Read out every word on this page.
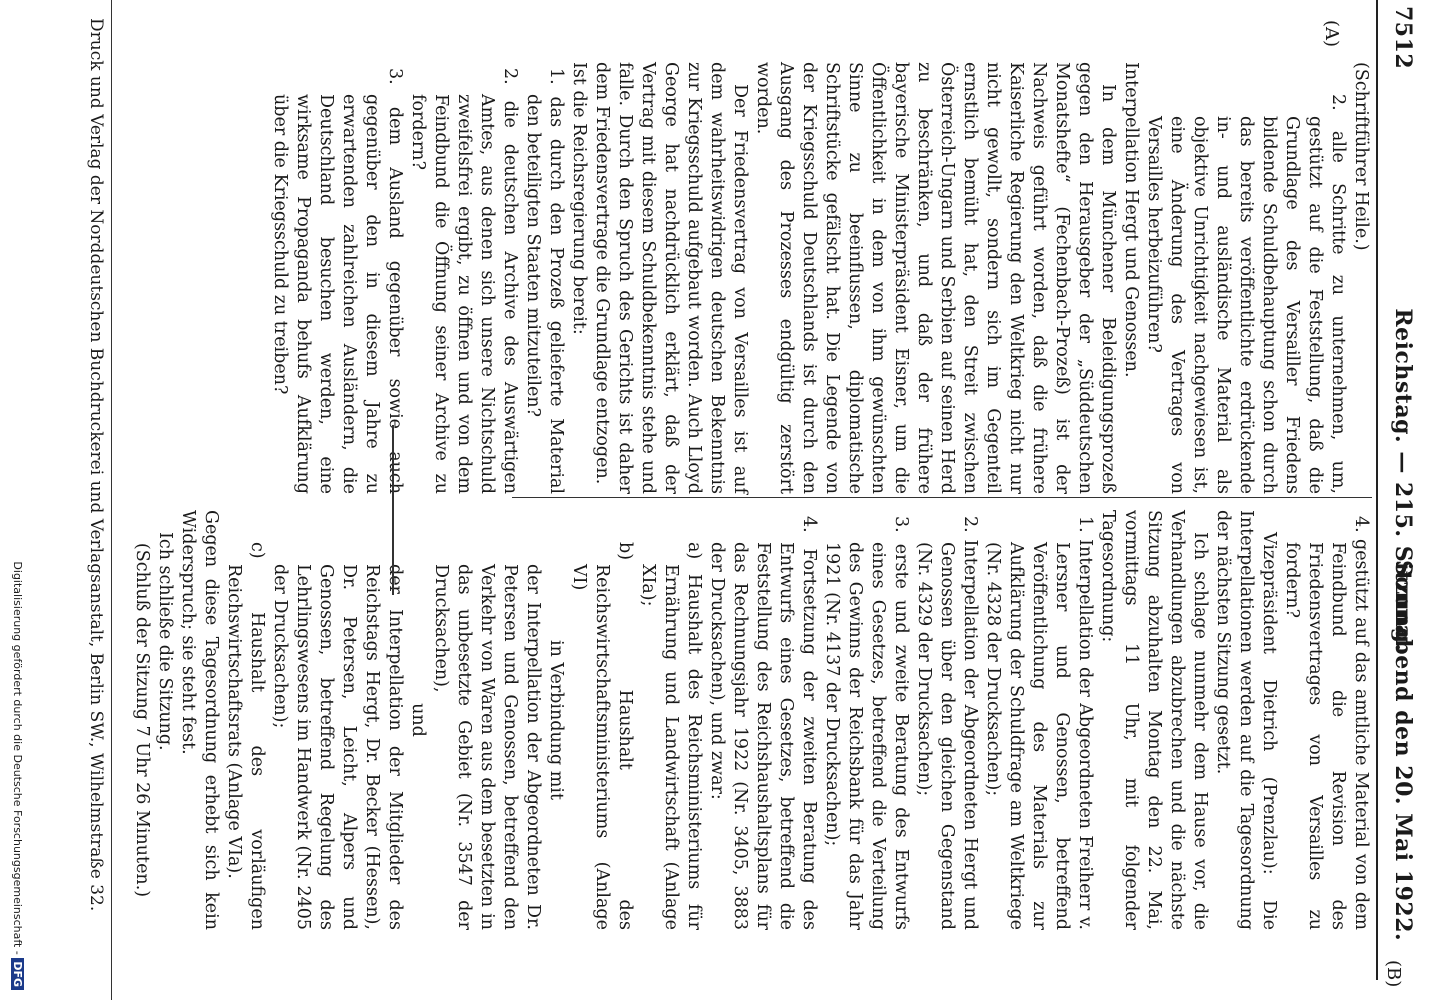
7512
Reichstag. — 215. Sitzung.
Sonnabend den 20. Mai 1922.
(A)
(B)

(Schriftführer Heile.)

2. alle Schritte zu unternehmen, um, gestützt auf die Feststellung, daß die Grundlage des Versailler Friedens bildende Schuldbehauptung schon durch das bereits veröffentlichte erdrückende in- und ausländische Material als objektive Unrichtigkeit nachgewiesen ist, eine Änderung des Vertrages von Versailles herbeizuführen?

Interpellation Hergt und Genossen.

In dem Münchener Beleidigungsprozeß gegen den Herausgeber der „Süddeutschen Monatshefte“ (Fechenbach-Prozeß) ist der Nachweis geführt worden, daß die frühere Kaiserliche Regierung den Weltkrieg nicht nur nicht gewollt, sondern sich im Gegenteil ernstlich bemüht hat, den Streit zwischen Österreich-Ungarn und Serbien auf seinen Herd zu beschränken, und daß der frühere bayerische Ministerpräsident Eisner, um die Öffentlichkeit in dem von ihm gewünschten Sinne zu beeinflussen, diplomatische Schriftstücke gefälscht hat. Die Legende von der Kriegsschuld Deutschlands ist durch den Ausgang des Prozesses endgültig zerstört worden.

Der Friedensvertrag von Versailles ist auf dem wahrheitswidrigen deutschen Bekenntnis zur Kriegsschuld aufgebaut worden. Auch Lloyd George hat nachdrücklich erklärt, daß der Vertrag mit diesem Schuldbekenntnis stehe und falle. Durch den Spruch des Gerichts ist daher dem Friedensvertrage die Grundlage entzogen.

Ist die Reichsregierung bereit:

1. das durch den Prozeß gelieferte Material den beteiligten Staaten mitzuteilen?

2. die deutschen Archive des Auswärtigen Amtes, aus denen sich unsere Nichtschuld zweifelsfrei ergibt, zu öffnen und von dem Feindbund die Öffnung seiner Archive zu fordern?

3. dem Ausland gegenüber sowie auch gegenüber den in diesem Jahre zu erwartenden zahlreichen Ausländern, die Deutschland besuchen werden, eine wirksame Propaganda behufs Aufklärung über die Kriegsschuld zu treiben?

4. gestützt auf das amtliche Material von dem Feindbund die Revision des Friedensvertrages von Versailles zu fordern?

Vizepräsident Dietrich (Prenzlau): Die Interpellationen werden auf die Tagesordnung der nächsten Sitzung gesetzt.

Ich schlage nunmehr dem Hause vor, die Verhandlungen abzubrechen und die nächste Sitzung abzuhalten Montag den 22. Mai, vormittags 11 Uhr, mit folgender Tagesordnung:

1. Interpellation der Abgeordneten Freiherr v. Lersner und Genossen, betreffend Veröffentlichung des Materials zur Aufklärung der Schuldfrage am Weltkriege (Nr. 4328 der Drucksachen);

2. Interpellation der Abgeordneten Hergt und Genossen über den gleichen Gegenstand (Nr. 4329 der Drucksachen);

3. erste und zweite Beratung des Entwurfs eines Gesetzes, betreffend die Verteilung des Gewinns der Reichsbank für das Jahr 1921 (Nr. 4137 der Drucksachen);

4. Fortsetzung der zweiten Beratung des Entwurfs eines Gesetzes, betreffend die Feststellung des Reichshaushaltsplans für das Rechnungsjahr 1922 (Nr. 3405, 3883 der Drucksachen), und zwar:

a) Haushalt des Reichsministeriums für Ernährung und Landwirtschaft (Anlage XIa);

b) Haushalt des Reichswirtschaftsministeriums (Anlage VI)

in Verbindung mit

der Interpellation der Abgeordneten Dr. Petersen und Genossen, betreffend den Verkehr von Waren aus dem besetzten in das unbesetzte Gebiet (Nr. 3547 der Drucksachen),

und

der Interpellation der Mitglieder des Reichstags Hergt, Dr. Becker (Hessen), Dr. Petersen, Leicht, Alpers und Genossen, betreffend Regelung des Lehrlingswesens im Handwerk (Nr. 2405 der Drucksachen);

c) Haushalt des vorläufigen Reichswirtschaftsrats (Anlage VIa).

Gegen diese Tagesordnung erhebt sich kein Widerspruch; sie steht fest.

Ich schließe die Sitzung.

(Schluß der Sitzung 7 Uhr 26 Minuten.)

Druck und Verlag der Norddeutschen Buchdruckerei und Verlagsanstalt, Berlin SW., Wilhelmstraße 32.
Digitalisierung gefördert durch die Deutsche Forschungsgemeinschaft - DFG
